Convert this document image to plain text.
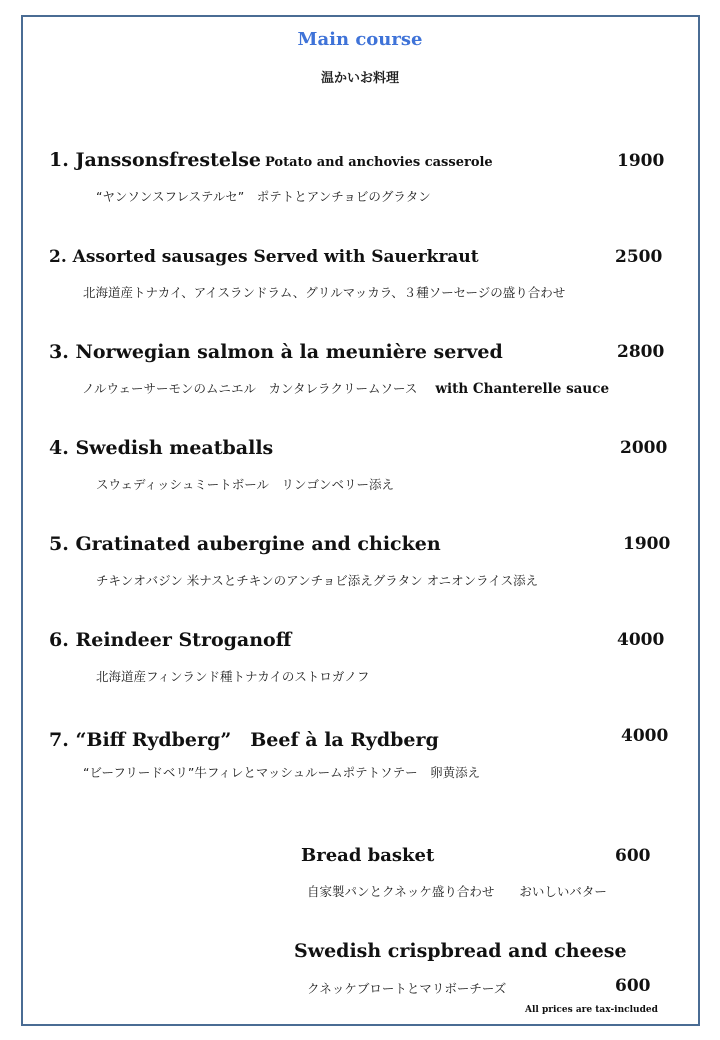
Main course
温かいお料理
1. Janssonsfrestelse Potato and anchovies casserole	1900
“ヤンソンスフレステルセ”　ポテトとアンチョビのグラタン
2. Assorted sausages Served with Sauerkraut	2500
北海道産トナカイ、アイスランドラム、グリルマッカラ、３種ソーセージの盛り合わせ
3. Norwegian salmon à la meunière served	2800
ノルウェーサーモンのムニエル　カンタレラクリームソース with Chanterelle sauce
4. Swedish meatballs	2000
スウェディッシュミートボール　リンゴンベリー添え
5. Gratinated aubergine and chicken	1900
チキンオバジン 米ナスとチキンのアンチョビ添えグラタン オニオンライス添え
6. Reindeer Stroganoff	4000
北海道産フィンランド種トナカイのストロガノフ
7. “Biff Rydberg”　Beef à la Rydberg	4000
“ビーフリードベリ”牛フィレとマッシュルームポテトソテー　卵黄添え
Bread basket	600
自家製パンとクネッケ盛り合わせ　　おいしいバター
Swedish crispbread and cheese
クネッケブロートとマリボーチーズ	600
All prices are tax-included
